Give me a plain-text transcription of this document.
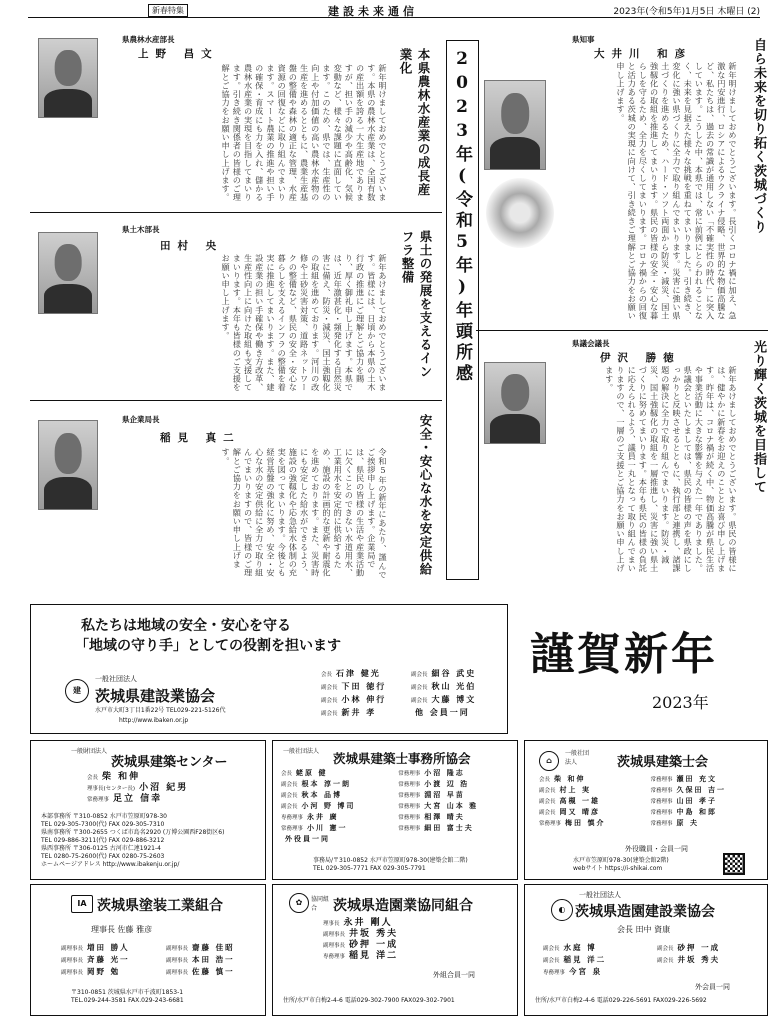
新春特集	建設未来通信	2023年(令和5年)1月5日 木曜日 (2)
2023年(令和5年)年頭所感	自ら未来を切り拓く茨城づくり
県知事
大井川 和彦
新年明けましておめでとうございます。長引くコロナ禍に加え、急激な円安進行、ロシアによるウクライナ侵略、世界的な物価高騰など、私たちは、過去の常識が通用しない「不確実性の時代」に突入しています。こうした中、本県では、常に前例にとらわれることなく、未来を見据えた様々な挑戦を重ねてまいりました。引き続き、変化に強い県づくりに全力で取り組んでまいります。災害に強い県土づくりを進めるため、ハード・ソフト両面から防災・減災、国土強靱化の取組を推進してまいります。県民の皆様の安全・安心な暮らしを守るため、全力を尽くしてまいります。コロナ禍からの回復と活力ある茨城の実現に向けて、引き続きご理解とご協力をお願い申し上げます。
光り輝く茨城を目指して
県議会議長
伊沢 勝徳
新年あけましておめでとうございます。県民の皆様には、健やかに新春をお迎えのこととお喜び申し上げます。昨年は、コロナ禍が続く中、物価高騰が県民生活や事業活動に大きな影響を与えた一年でありました。県議会といたしましては、県民の皆様の声を県政にしっかりと反映させるとともに、執行部と連携し、諸課題の解決に全力で取り組んでまいります。防災・減災、国土強靱化の取組を一層推進し、災害に強い県土づくりに努めてまいります。本年も県民の皆様の負託に応えられるよう、議員一丸となって取り組んでまいりますので、一層のご支援とご協力をお願い申し上げます。
本県農林水産業の成長産業化
県農林水産部長
上野 昌文
新年明けましておめでとうございます。本県の農林水産業は、全国有数の産出額を誇る一大生産地でありますが、担い手の減少や高齢化、気候変動など、様々な課題に直面しています。このため、県では、生産性の向上や付加価値の高い農林水産物の生産を進めるとともに、農業生産基盤の整備や森林の適正な管理、水産資源の回復などに取り組んでまいります。スマート農業の推進や担い手の確保・育成にも力を入れ、儲かる農林水産業の実現を目指してまいります。引き続き関係者の皆様のご理解とご協力をお願い申し上げます。
県土の発展を支えるインフラ整備
県土木部長
田村 央
新年あけましておめでとうございます。皆様には、日頃から本県の土木行政の推進にご理解とご協力を賜り、厚く御礼申し上げます。本県では、近年激甚化・頻発化する自然災害に備え、防災・減災、国土強靱化の取組を進めております。河川の改修や土砂災害対策、道路ネットワークの整備など、県民の安全・安心な暮らしを支えるインフラの整備を着実に推進してまいります。また、建設産業の担い手確保や働き方改革、生産性向上に向けた取組も支援してまいります。本年も皆様のご支援をお願い申し上げます。
安全・安心な水を安定供給
県企業局長
稲見 真二
令和5年の新年にあたり、謹んでご挨拶申し上げます。企業局では、県民の皆様の生活や産業活動に欠くことのできない水道用水、工業用水を安定的に供給するため、施設の計画的な更新や耐震化を進めております。また、災害時にも安定した給水ができるよう、施設の強靱化や応急給水体制の充実を図ってまいります。今後とも経営基盤の強化に努め、安全・安心な水の安定供給に全力で取り組んでまいりますので、皆様のご理解とご協力をお願い申し上げます。
私たちは地域の安全・安心を守る
「地域の守り手」としての役割を担います
建
一般社団法人
茨城県建設業協会
水戸市大町3丁目1番22号 TEL029-221-5126代
http://www.ibaken.or.jp
会長 石津 健光	副会長 細谷 武史
副会長 下田 徳行	副会長 秋山 光伯
副会長 小林 伸行	副会長 大藤 博文
副会長 新井 孝	他 会員一同
謹賀新年
2023年
一般財団法人
茨城県建築センター
会長 柴 和伸
理事長(センター長) 小沼 紀男
常務理事 足立 信幸
本部事務所 〒310-0852 水戸市笠原町978-30
TEL 029-305-7300(代) FAX 029-305-7310
県南事務所 〒300-2655 つくば市島名2920 (万博公園西F28街区6)
TEL 029-886-3211(代) FAX 029-886-3212
県西事務所 〒306-0125 古河市仁連1921-4
TEL 0280-75-2600(代) FAX 0280-75-2603
ホームページアドレス http://www.ibakenju.or.jp/
一般社団法人	茨城県建築士事務所協会
会長 蛯原 健	常務理事 小沼 隆志
副会長 根本 淳一朗	常務理事 小渡 辺 浩
副会長 秋本 品博	常務理事 淵沼 早苗
副会長 小河 野 博司	常務理事 大宮 山本 雅
専務理事 永井 廣	常務理事 相澤 晴夫
常務理事 小川 憲一	常務理事 細田 富士夫
外役員一同
事務局/〒310-0852 水戸市笠原町978-30(建築会館二階)
TEL 029-305-7771 FAX 029-305-7791
⌂
一般社団法人	茨城県建築士会
会長 柴 和伸	常務理事 瀬田 充文
副会長 村上 実	常務理事 久保田 吉一
副会長 高槻 一雄	常務理事 山田 孝子
副会長 岡又 晴彦	常務理事 中島 和郎
常務理事 梅田 慎介	常務理事 原 夫
外役職員・会員一同
水戸市笠原町978-30(建築会館2階)
webサイト https://i-shikai.com
IA 茨城県塗装工業組合
理事長 佐藤 雅彦
副理事長 増田 勝人	副理事長 齋藤 佳昭
副理事長 斉藤 光一	副理事長 本田 浩一
副理事長 岡野 勉	副理事長 佐藤 慎一
〒310-0851 茨城県水戸市千波町1853-1
TEL.029-244-3581 FAX.029-243-6681
✿	協同組合	茨城県造園業協同組合
理事長 永井 剛人
副理事長 井坂 秀夫
副理事長 砂押 一成
専務理事 稲見 洋二
外組合員一同
住所/水戸市白梅2-4-6 電話029-302-7900 FAX029-302-7901
◐
一般社団法人
茨城県造園建設業協会
会長 田中 資康
副会長 水庭 博	副会長 砂押 一成
副会長 稲見 洋二	副会長 井坂 秀夫
専務理事 今宮 泉
外会員一同
住所/水戸市白梅2-4-6 電話029-226-5691 FAX029-226-5692
